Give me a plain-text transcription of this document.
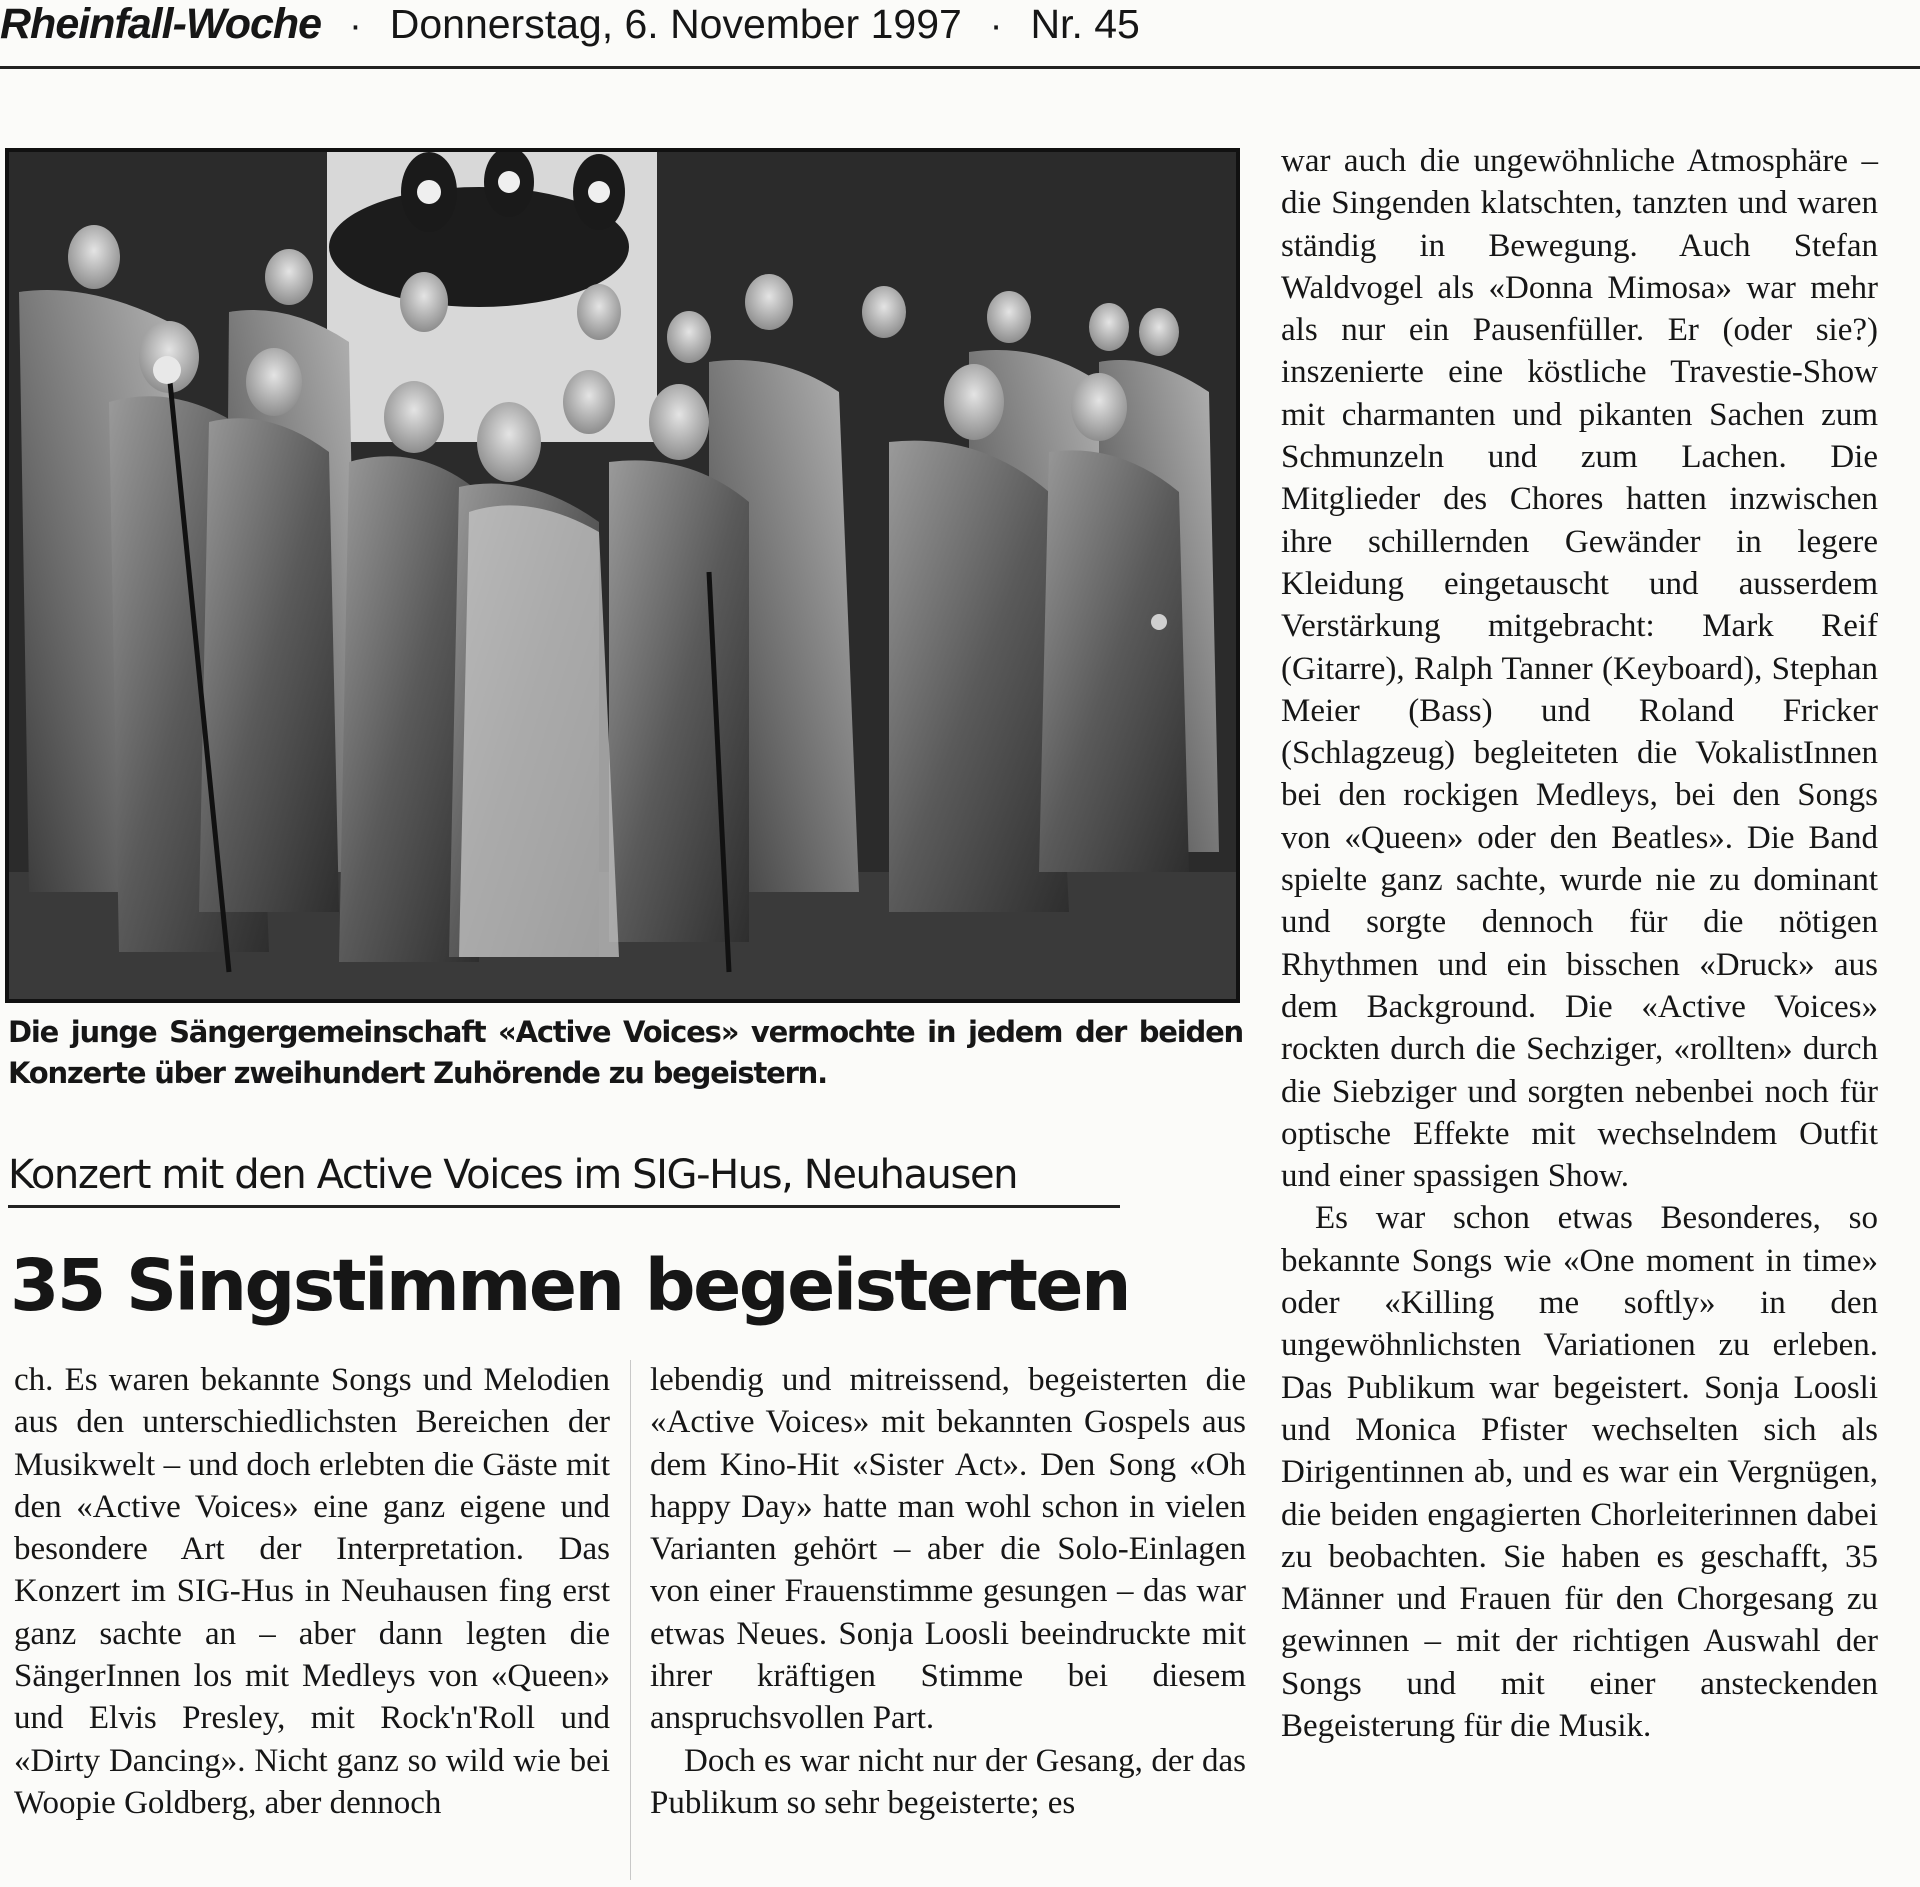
Rheinfall-Woche · Donnerstag, 6. November 1997 · Nr. 45
Die junge Sängergemeinschaft «Active Voices» vermochte in jedem der beiden Konzerte über zweihundert Zuhörende zu begeistern.
Konzert mit den Active Voices im SIG-Hus, Neuhausen
35 Singstimmen begeisterten

ch. Es waren bekannte Songs und Melodien aus den unterschiedlichsten Bereichen der Musikwelt – und doch erlebten die Gäste mit den «Active Voices» eine ganz eigene und besondere Art der Interpretation. Das Konzert im SIG-Hus in Neuhausen fing erst ganz sachte an – aber dann legten die SängerInnen los mit Medleys von «Queen» und Elvis Presley, mit Rock'n'Roll und «Dirty Dancing». Nicht ganz so wild wie bei Woopie Goldberg, aber dennoch

lebendig und mitreissend, begeisterten die «Active Voices» mit bekannten Gospels aus dem Kino-Hit «Sister Act». Den Song «Oh happy Day» hatte man wohl schon in vielen Varianten gehört – aber die Solo-Einlagen von einer Frauenstimme gesungen – das war etwas Neues. Sonja Loosli beeindruckte mit ihrer kräftigen Stimme bei diesem anspruchsvollen Part.

Doch es war nicht nur der Gesang, der das Publikum so sehr begeisterte; es

war auch die ungewöhnliche Atmosphäre – die Singenden klatschten, tanzten und waren ständig in Bewegung. Auch Stefan Waldvogel als «Donna Mimosa» war mehr als nur ein Pausenfüller. Er (oder sie?) inszenierte eine köstliche Travestie-Show mit charmanten und pikanten Sachen zum Schmunzeln und zum Lachen. Die Mitglieder des Chores hatten inzwischen ihre schillernden Gewänder in legere Kleidung eingetauscht und ausserdem Verstärkung mitgebracht: Mark Reif (Gitarre), Ralph Tanner (Keyboard), Stephan Meier (Bass) und Roland Fricker (Schlagzeug) begleiteten die VokalistInnen bei den rockigen Medleys, bei den Songs von «Queen» oder den Beatles». Die Band spielte ganz sachte, wurde nie zu dominant und sorgte dennoch für die nötigen Rhythmen und ein bisschen «Druck» aus dem Background. Die «Active Voices» rockten durch die Sechziger, «rollten» durch die Siebziger und sorgten nebenbei noch für optische Effekte mit wechselndem Outfit und einer spassigen Show.

Es war schon etwas Besonderes, so bekannte Songs wie «One moment in time» oder «Killing me softly» in den ungewöhnlichsten Variationen zu erleben. Das Publikum war begeistert. Sonja Loosli und Monica Pfister wechselten sich als Dirigentinnen ab, und es war ein Vergnügen, die beiden engagierten Chorleiterinnen dabei zu beobachten. Sie haben es geschafft, 35 Männer und Frauen für den Chorgesang zu gewinnen – mit der richtigen Auswahl der Songs und mit einer ansteckenden Begeisterung für die Musik.
